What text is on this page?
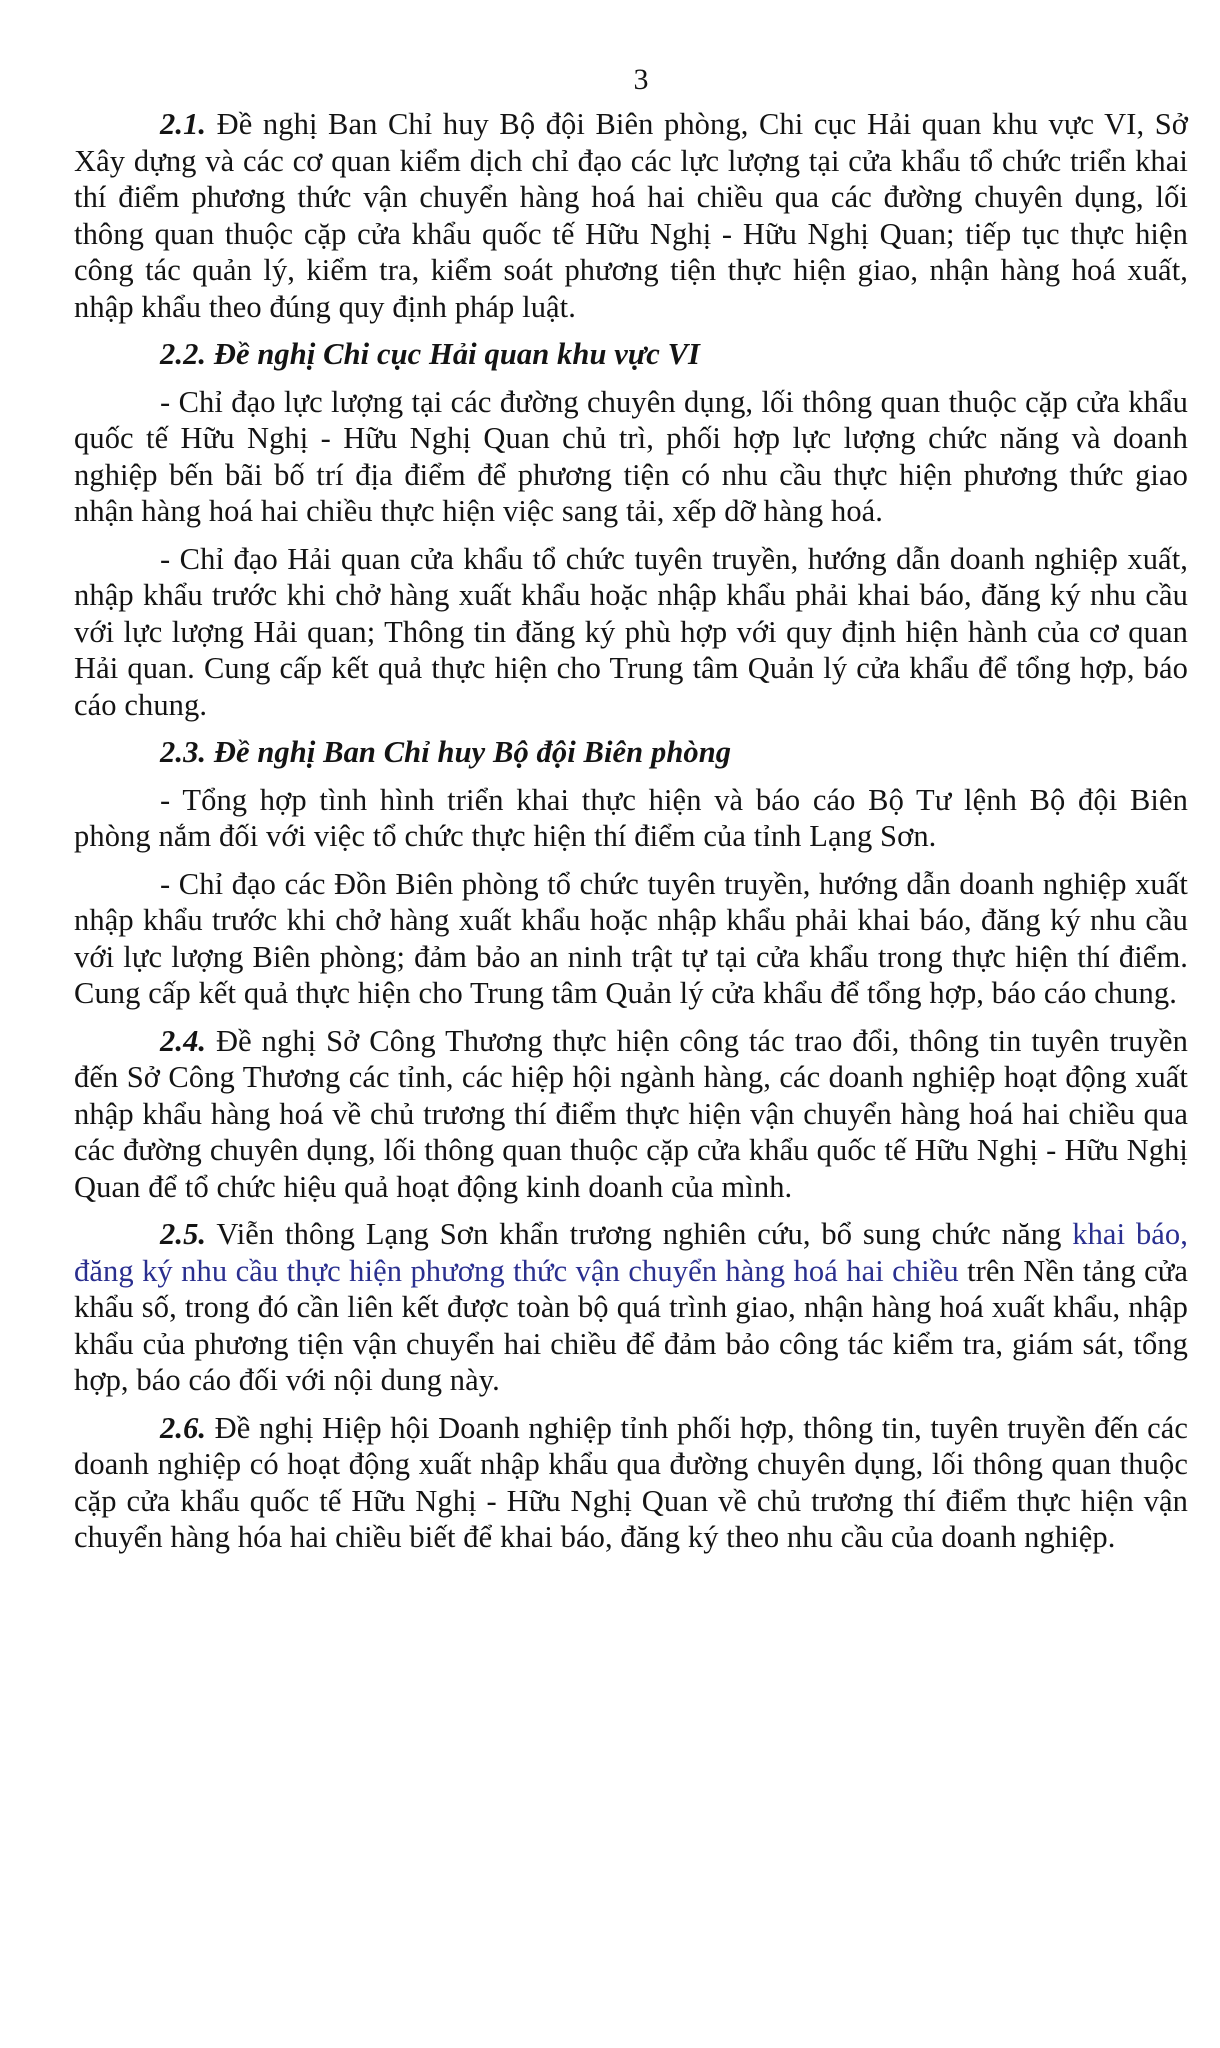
3

2.1. Đề nghị Ban Chỉ huy Bộ đội Biên phòng, Chi cục Hải quan khu vực VI, Sở Xây dựng và các cơ quan kiểm dịch chỉ đạo các lực lượng tại cửa khẩu tổ chức triển khai thí điểm phương thức vận chuyển hàng hoá hai chiều qua các đường chuyên dụng, lối thông quan thuộc cặp cửa khẩu quốc tế Hữu Nghị - Hữu Nghị Quan; tiếp tục thực hiện công tác quản lý, kiểm tra, kiểm soát phương tiện thực hiện giao, nhận hàng hoá xuất, nhập khẩu theo đúng quy định pháp luật.

2.2. Đề nghị Chi cục Hải quan khu vực VI

- Chỉ đạo lực lượng tại các đường chuyên dụng, lối thông quan thuộc cặp cửa khẩu quốc tế Hữu Nghị - Hữu Nghị Quan chủ trì, phối hợp lực lượng chức năng và doanh nghiệp bến bãi bố trí địa điểm để phương tiện có nhu cầu thực hiện phương thức giao nhận hàng hoá hai chiều thực hiện việc sang tải, xếp dỡ hàng hoá.

- Chỉ đạo Hải quan cửa khẩu tổ chức tuyên truyền, hướng dẫn doanh nghiệp xuất, nhập khẩu trước khi chở hàng xuất khẩu hoặc nhập khẩu phải khai báo, đăng ký nhu cầu với lực lượng Hải quan; Thông tin đăng ký phù hợp với quy định hiện hành của cơ quan Hải quan. Cung cấp kết quả thực hiện cho Trung tâm Quản lý cửa khẩu để tổng hợp, báo cáo chung.

2.3. Đề nghị Ban Chỉ huy Bộ đội Biên phòng

- Tổng hợp tình hình triển khai thực hiện và báo cáo Bộ Tư lệnh Bộ đội Biên phòng nắm đối với việc tổ chức thực hiện thí điểm của tỉnh Lạng Sơn.

- Chỉ đạo các Đồn Biên phòng tổ chức tuyên truyền, hướng dẫn doanh nghiệp xuất nhập khẩu trước khi chở hàng xuất khẩu hoặc nhập khẩu phải khai báo, đăng ký nhu cầu với lực lượng Biên phòng; đảm bảo an ninh trật tự tại cửa khẩu trong thực hiện thí điểm. Cung cấp kết quả thực hiện cho Trung tâm Quản lý cửa khẩu để tổng hợp, báo cáo chung.

2.4. Đề nghị Sở Công Thương thực hiện công tác trao đổi, thông tin tuyên truyền đến Sở Công Thương các tỉnh, các hiệp hội ngành hàng, các doanh nghiệp hoạt động xuất nhập khẩu hàng hoá về chủ trương thí điểm thực hiện vận chuyển hàng hoá hai chiều qua các đường chuyên dụng, lối thông quan thuộc cặp cửa khẩu quốc tế Hữu Nghị - Hữu Nghị Quan để tổ chức hiệu quả hoạt động kinh doanh của mình.

2.5. Viễn thông Lạng Sơn khẩn trương nghiên cứu, bổ sung chức năng khai báo, đăng ký nhu cầu thực hiện phương thức vận chuyển hàng hoá hai chiều trên Nền tảng cửa khẩu số, trong đó cần liên kết được toàn bộ quá trình giao, nhận hàng hoá xuất khẩu, nhập khẩu của phương tiện vận chuyển hai chiều để đảm bảo công tác kiểm tra, giám sát, tổng hợp, báo cáo đối với nội dung này.

2.6. Đề nghị Hiệp hội Doanh nghiệp tỉnh phối hợp, thông tin, tuyên truyền đến các doanh nghiệp có hoạt động xuất nhập khẩu qua đường chuyên dụng, lối thông quan thuộc cặp cửa khẩu quốc tế Hữu Nghị - Hữu Nghị Quan về chủ trương thí điểm thực hiện vận chuyển hàng hóa hai chiều biết để khai báo, đăng ký theo nhu cầu của doanh nghiệp.
